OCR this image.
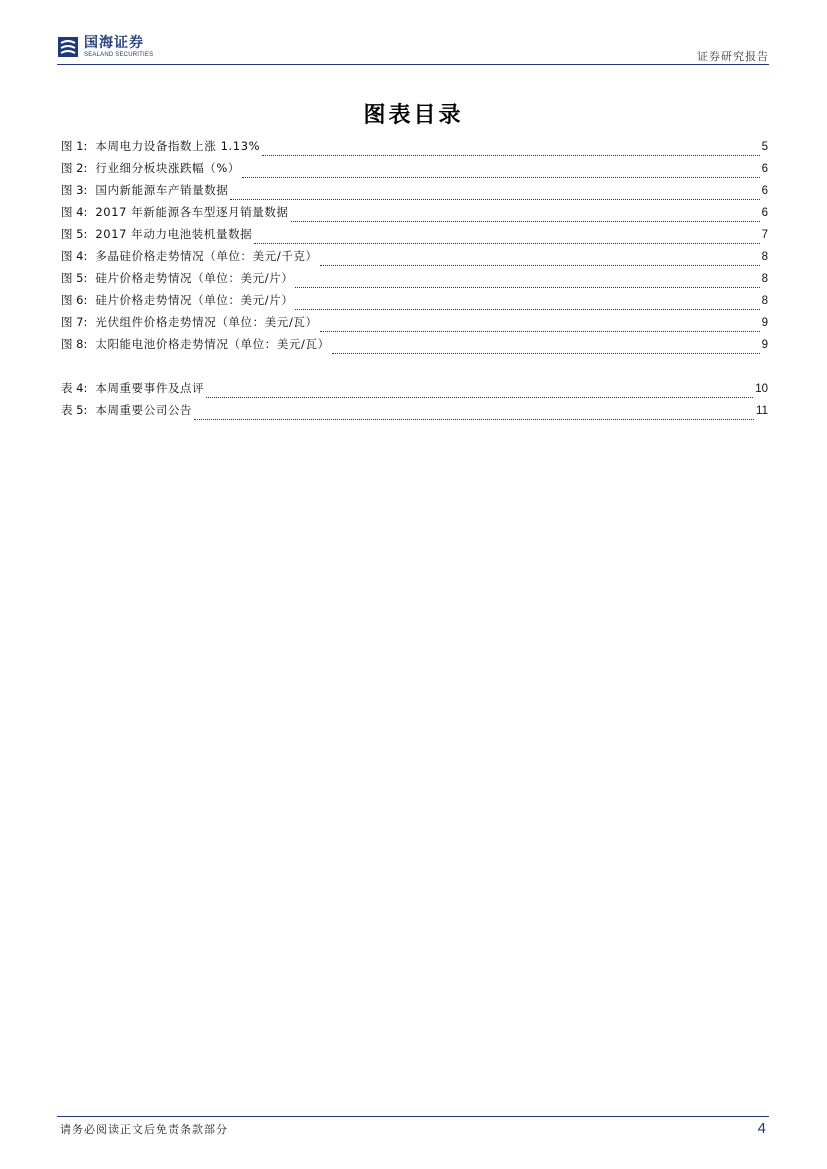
国海证券
SEALAND SECURITIES	证券研究报告
图表目录
图 1: 本周电力设备指数上涨 1.13%	5
图 2: 行业细分板块涨跌幅（%）	6
图 3: 国内新能源车产销量数据	6
图 4: 2017 年新能源各车型逐月销量数据	6
图 5: 2017 年动力电池装机量数据	7
图 4: 多晶硅价格走势情况（单位：美元/千克）	8
图 5: 硅片价格走势情况（单位：美元/片）	8
图 6: 硅片价格走势情况（单位：美元/片）	8
图 7: 光伏组件价格走势情况（单位：美元/瓦）	9
图 8: 太阳能电池价格走势情况（单位：美元/瓦）	9
表 4: 本周重要事件及点评	10
表 5: 本周重要公司公告	11
请务必阅读正文后免责条款部分	4
